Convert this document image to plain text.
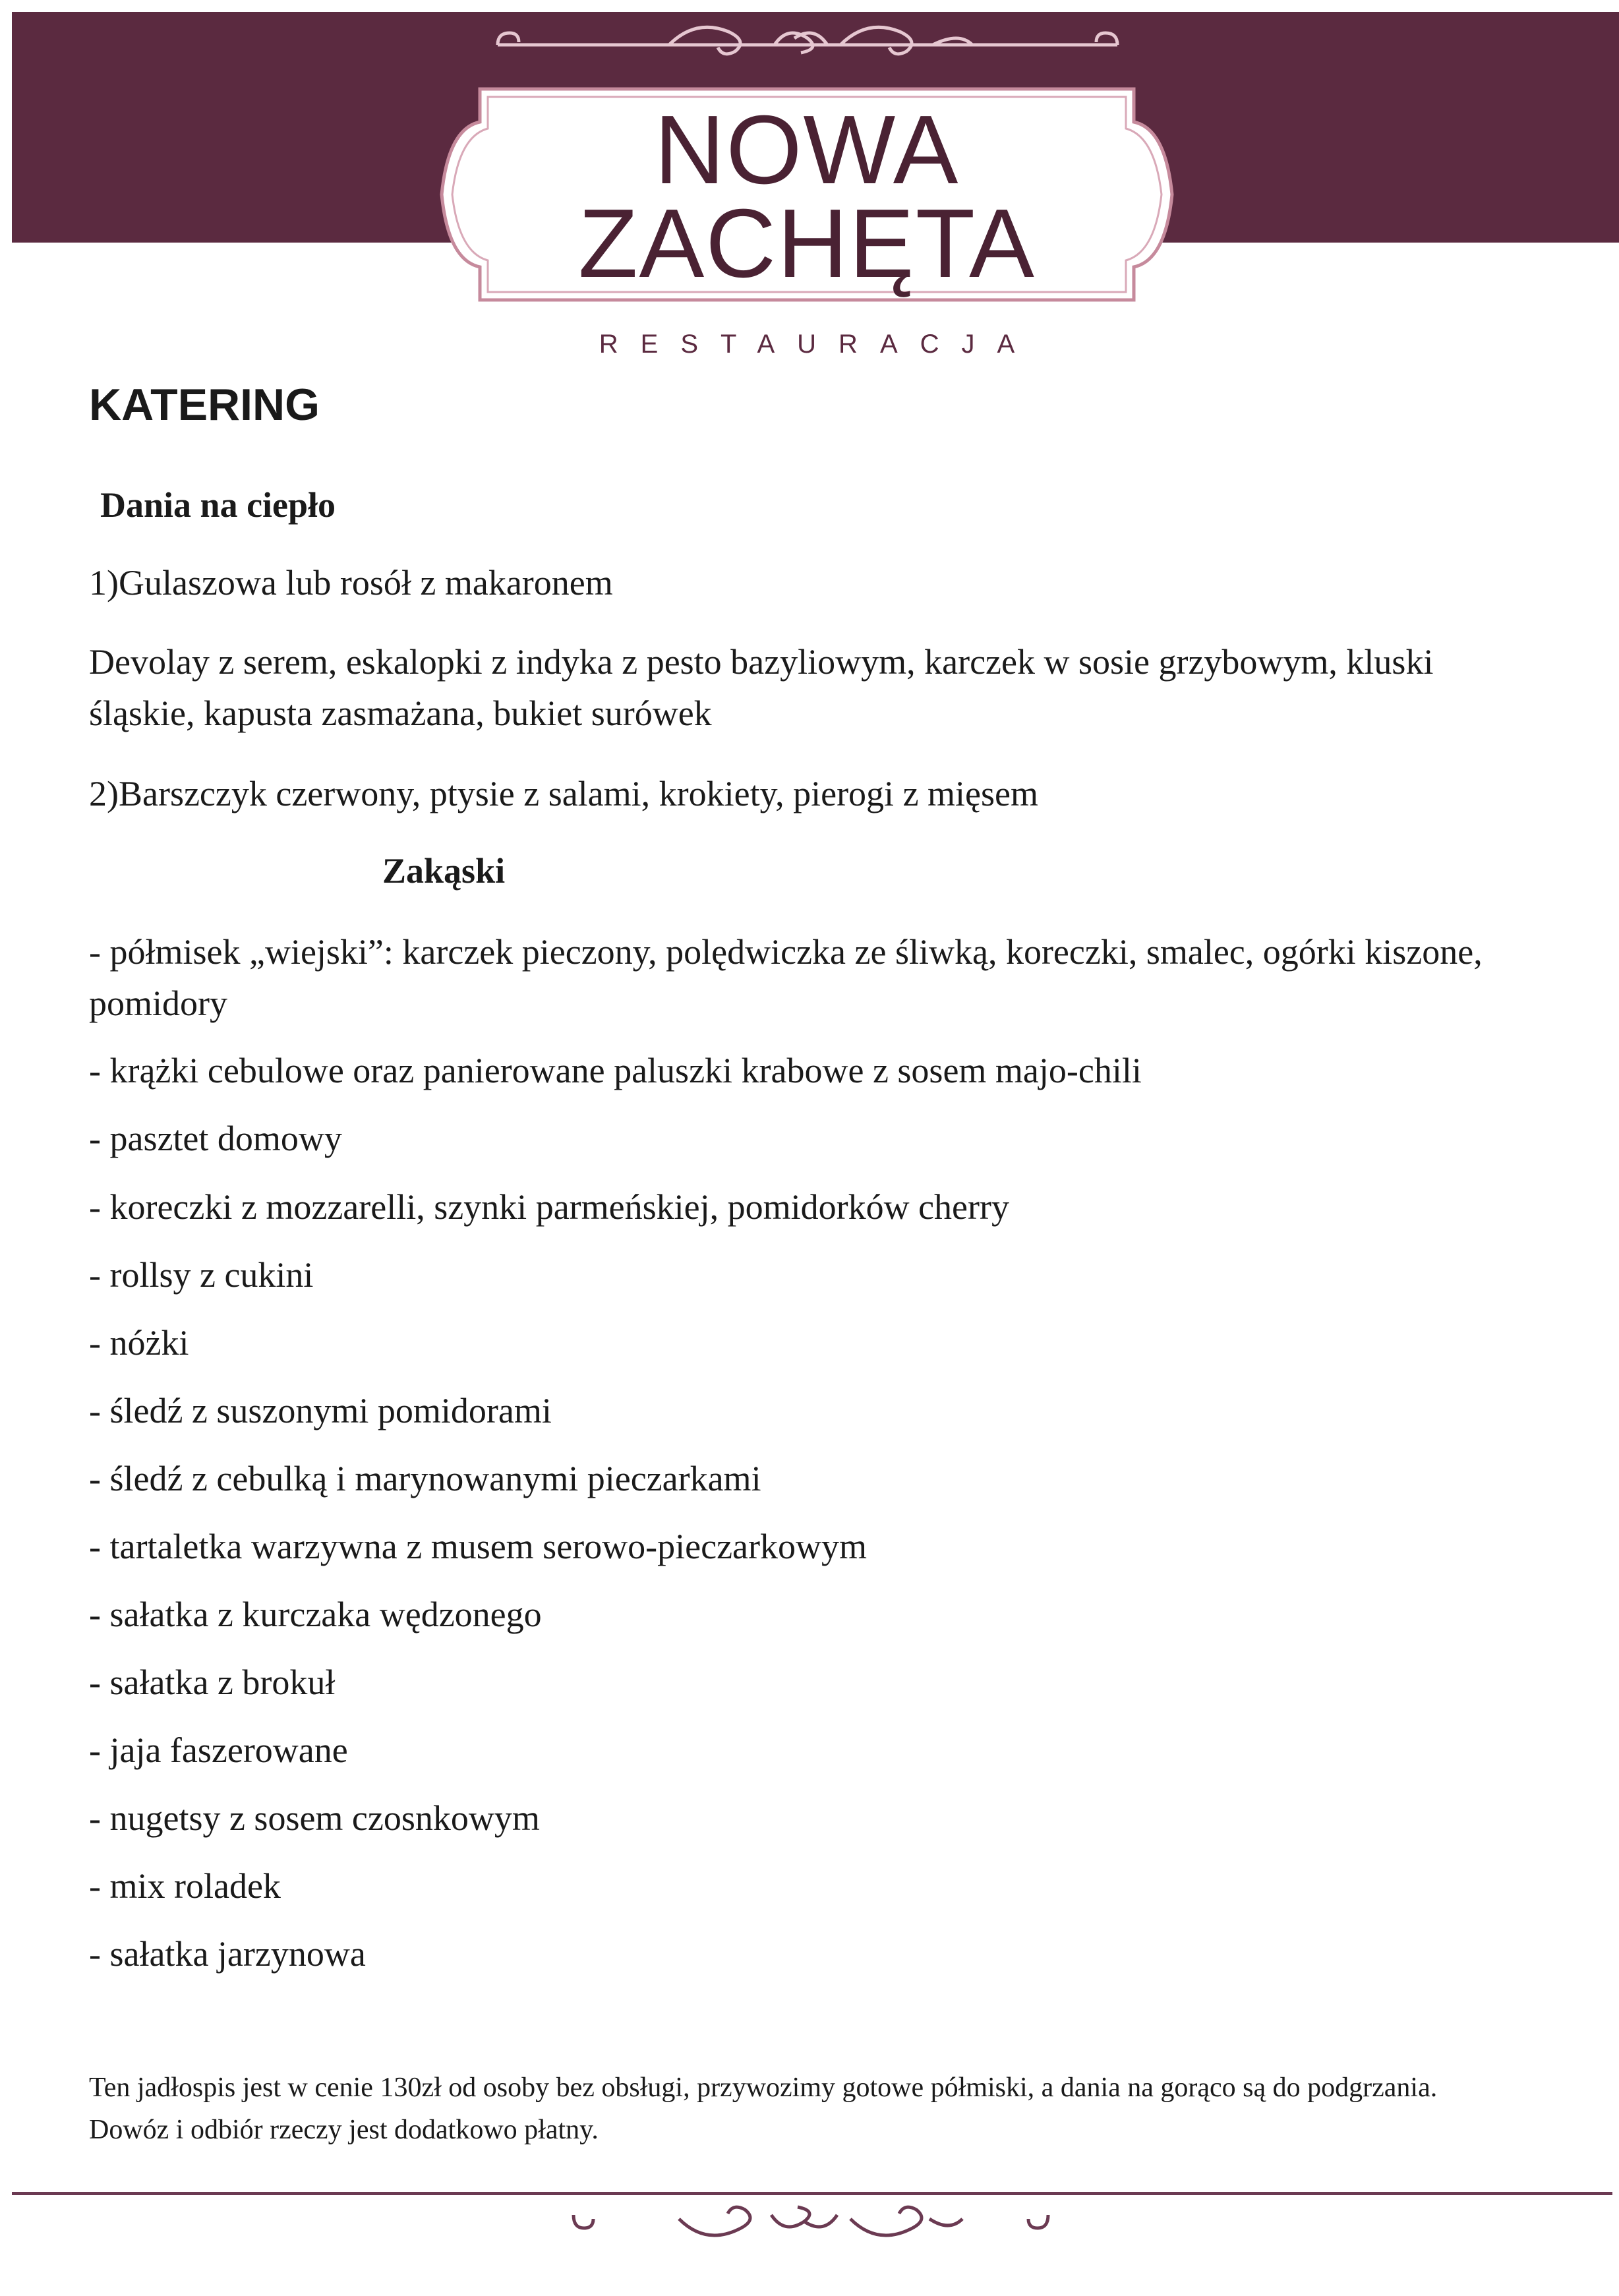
NOWA
ZACHĘTA
RESTAURACJA
KATERING
Dania na ciepło
1)Gulaszowa lub rosół z makaronem
Devolay z serem, eskalopki z indyka z pesto bazyliowym, karczek w sosie grzybowym, kluski śląskie, kapusta zasmażana, bukiet surówek
2)Barszczyk czerwony, ptysie z salami, krokiety, pierogi z mięsem
Zakąski
- półmisek „wiejski”: karczek pieczony, polędwiczka ze śliwką, koreczki, smalec, ogórki kiszone, pomidory
- krążki cebulowe oraz panierowane paluszki krabowe z sosem majo-chili
- pasztet domowy
- koreczki z mozzarelli, szynki parmeńskiej, pomidorków cherry
- rollsy z cukini
- nóżki
- śledź z suszonymi pomidorami
- śledź z cebulką i marynowanymi pieczarkami
- tartaletka warzywna z musem serowo-pieczarkowym
- sałatka z kurczaka wędzonego
- sałatka z brokuł
- jaja faszerowane
- nugetsy z sosem czosnkowym
- mix roladek
- sałatka jarzynowa
Ten jadłospis jest w cenie 130zł od osoby bez obsługi, przywozimy gotowe półmiski, a dania na gorąco są do podgrzania. Dowóz i odbiór rzeczy jest dodatkowo płatny.
